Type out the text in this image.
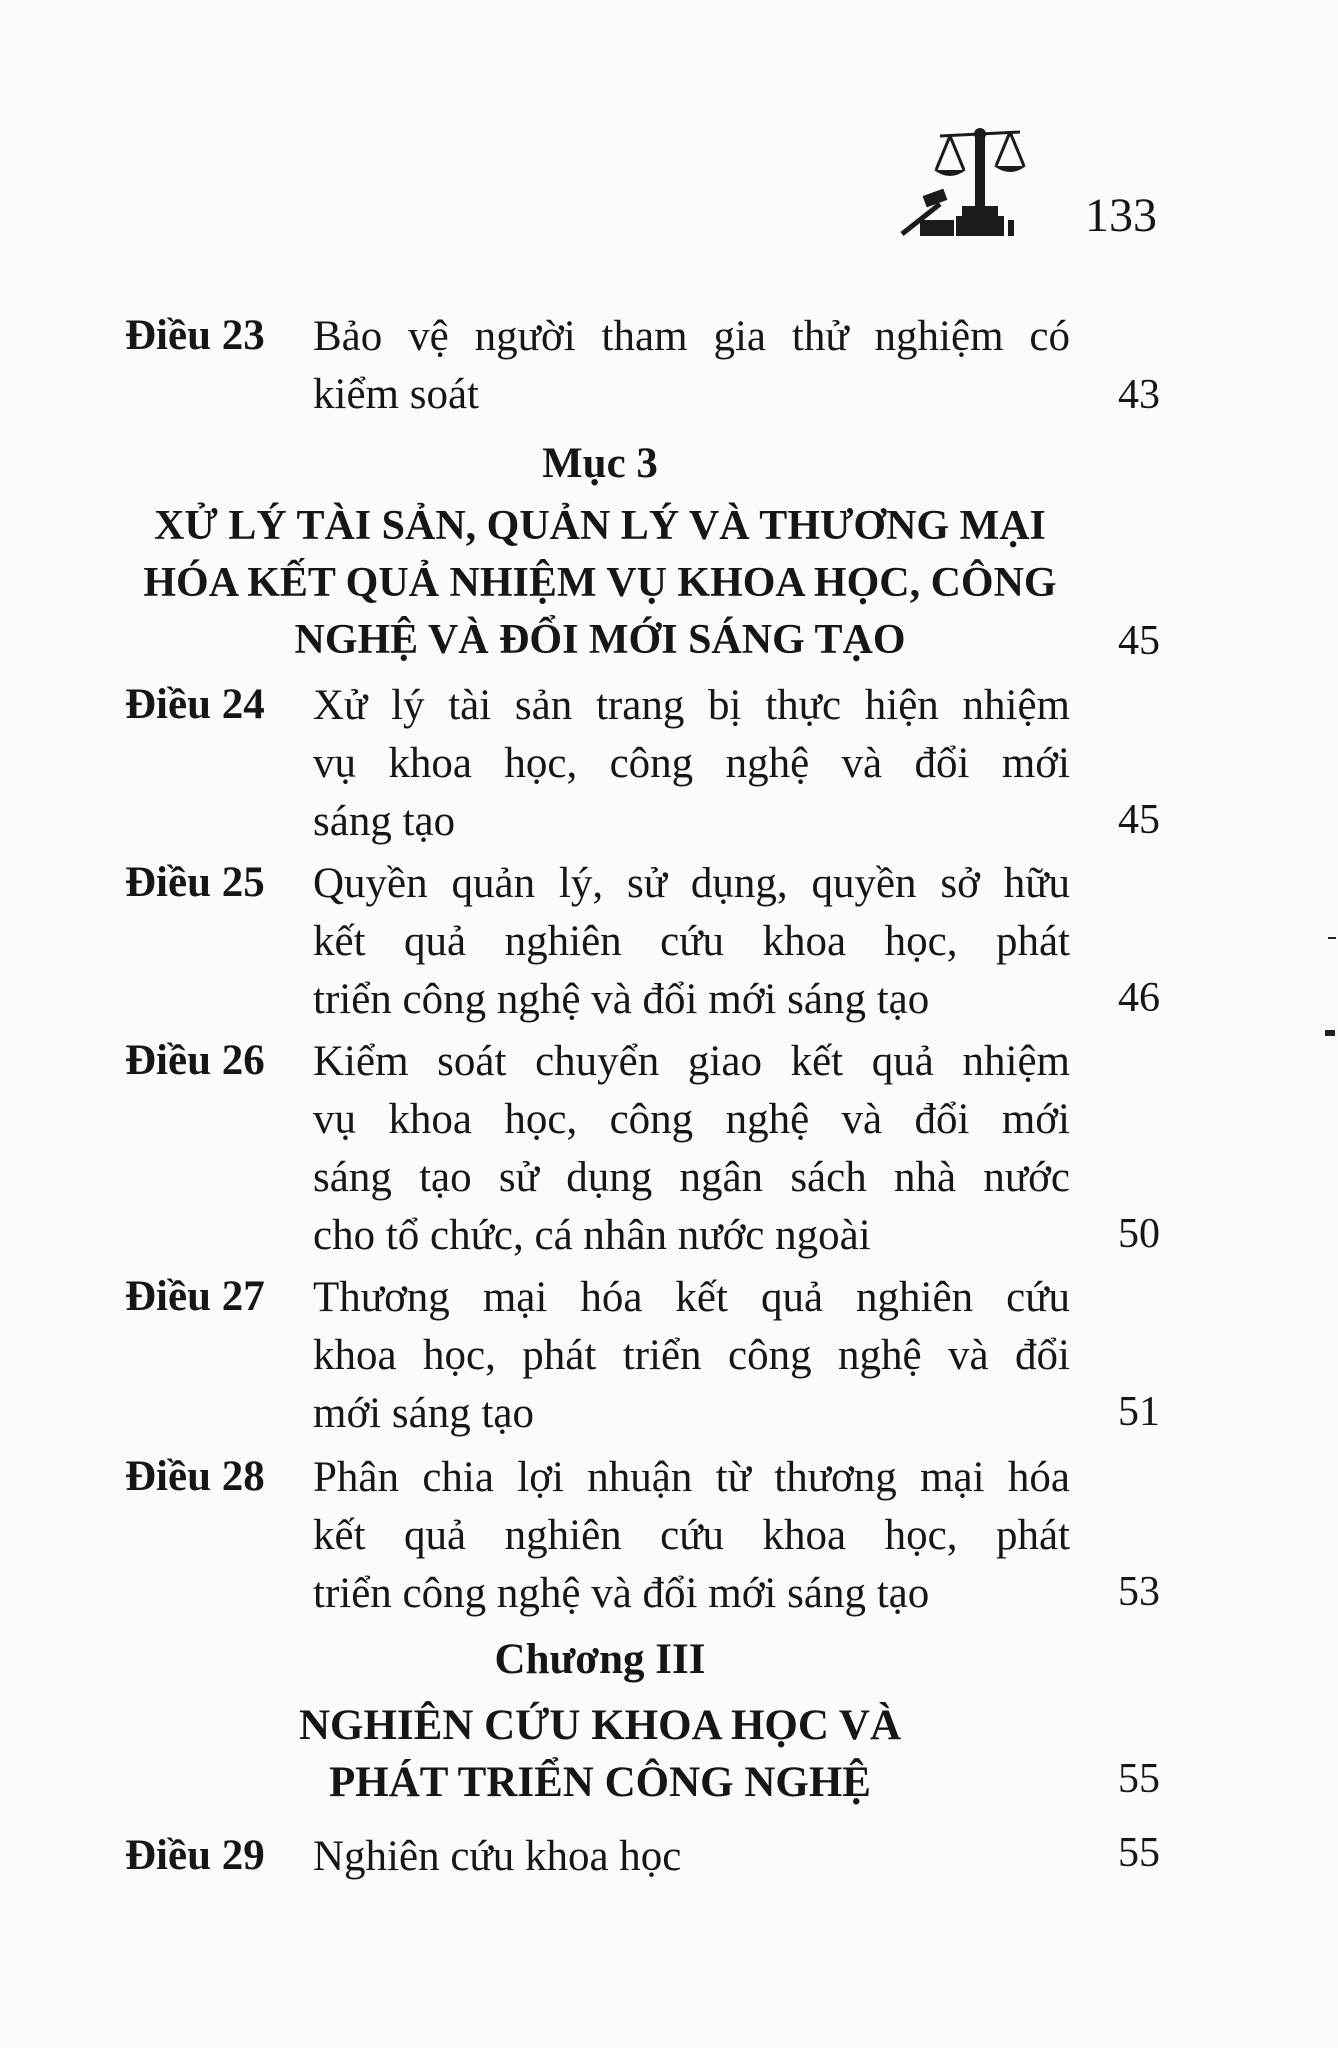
133
Điều 23 Bảo vệ người tham gia thử nghiệm có
kiểm soát	43
Mục 3
XỬ LÝ TÀI SẢN, QUẢN LÝ VÀ THƯƠNG MẠI
HÓA KẾT QUẢ NHIỆM VỤ KHOA HỌC, CÔNG
NGHỆ VÀ ĐỔI MỚI SÁNG TẠO	45
Điều 24 Xử lý tài sản trang bị thực hiện nhiệm
vụ khoa học, công nghệ và đổi mới
sáng tạo	45
Điều 25 Quyền quản lý, sử dụng, quyền sở hữu
kết quả nghiên cứu khoa học, phát
triển công nghệ và đổi mới sáng tạo	46
Điều 26 Kiểm soát chuyển giao kết quả nhiệm
vụ khoa học, công nghệ và đổi mới
sáng tạo sử dụng ngân sách nhà nước
cho tổ chức, cá nhân nước ngoài	50
Điều 27 Thương mại hóa kết quả nghiên cứu
khoa học, phát triển công nghệ và đổi
mới sáng tạo	51
Điều 28 Phân chia lợi nhuận từ thương mại hóa
kết quả nghiên cứu khoa học, phát
triển công nghệ và đổi mới sáng tạo	53
Chương III
NGHIÊN CỨU KHOA HỌC VÀ
PHÁT TRIỂN CÔNG NGHỆ	55
Điều 29 Nghiên cứu khoa học	55
